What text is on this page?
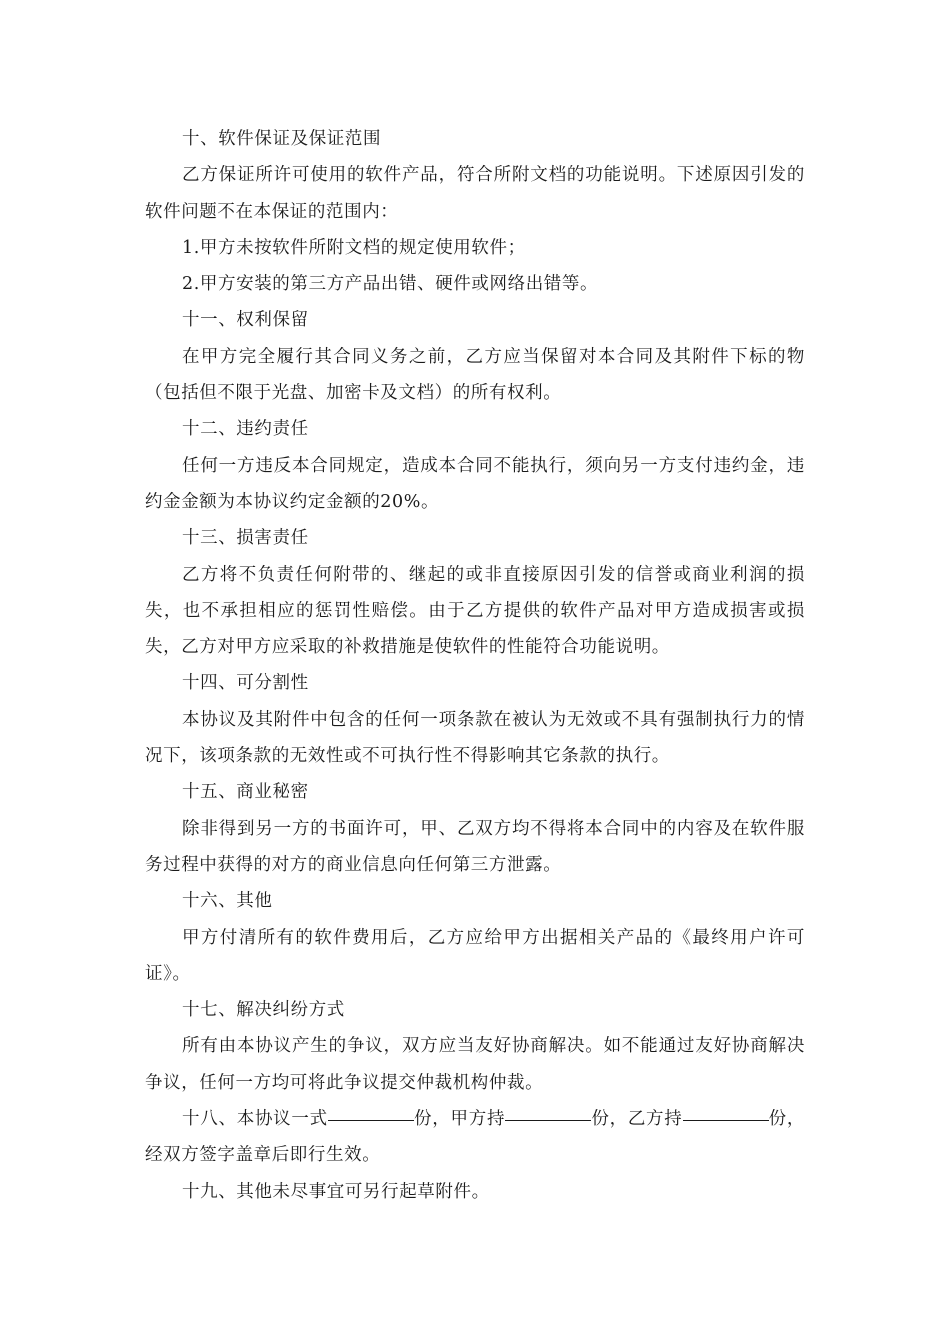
十、软件保证及保证范围

乙方保证所许可使用的软件产品，符合所附文档的功能说明。下述原因引发的软件问题不在本保证的范围内：

1.甲方未按软件所附文档的规定使用软件；

2.甲方安装的第三方产品出错、硬件或网络出错等。

十一、权利保留

在甲方完全履行其合同义务之前，乙方应当保留对本合同及其附件下标的物（包括但不限于光盘、加密卡及文档）的所有权利。

十二、违约责任

任何一方违反本合同规定，造成本合同不能执行，须向另一方支付违约金，违约金金额为本协议约定金额的20%。

十三、损害责任

乙方将不负责任何附带的、继起的或非直接原因引发的信誉或商业利润的损失，也不承担相应的惩罚性赔偿。由于乙方提供的软件产品对甲方造成损害或损失，乙方对甲方应采取的补救措施是使软件的性能符合功能说明。

十四、可分割性

本协议及其附件中包含的任何一项条款在被认为无效或不具有强制执行力的情况下，该项条款的无效性或不可执行性不得影响其它条款的执行。

十五、商业秘密

除非得到另一方的书面许可，甲、乙双方均不得将本合同中的内容及在软件服务过程中获得的对方的商业信息向任何第三方泄露。

十六、其他

甲方付清所有的软件费用后，乙方应给甲方出据相关产品的《最终用户许可证》。

十七、解决纠纷方式

所有由本协议产生的争议，双方应当友好协商解决。如不能通过友好协商解决争议，任何一方均可将此争议提交仲裁机构仲裁。

十八、本协议一式	份，甲方持	份，乙方持	份，经双方签字盖章后即行生效。

十九、其他未尽事宜可另行起草附件。
